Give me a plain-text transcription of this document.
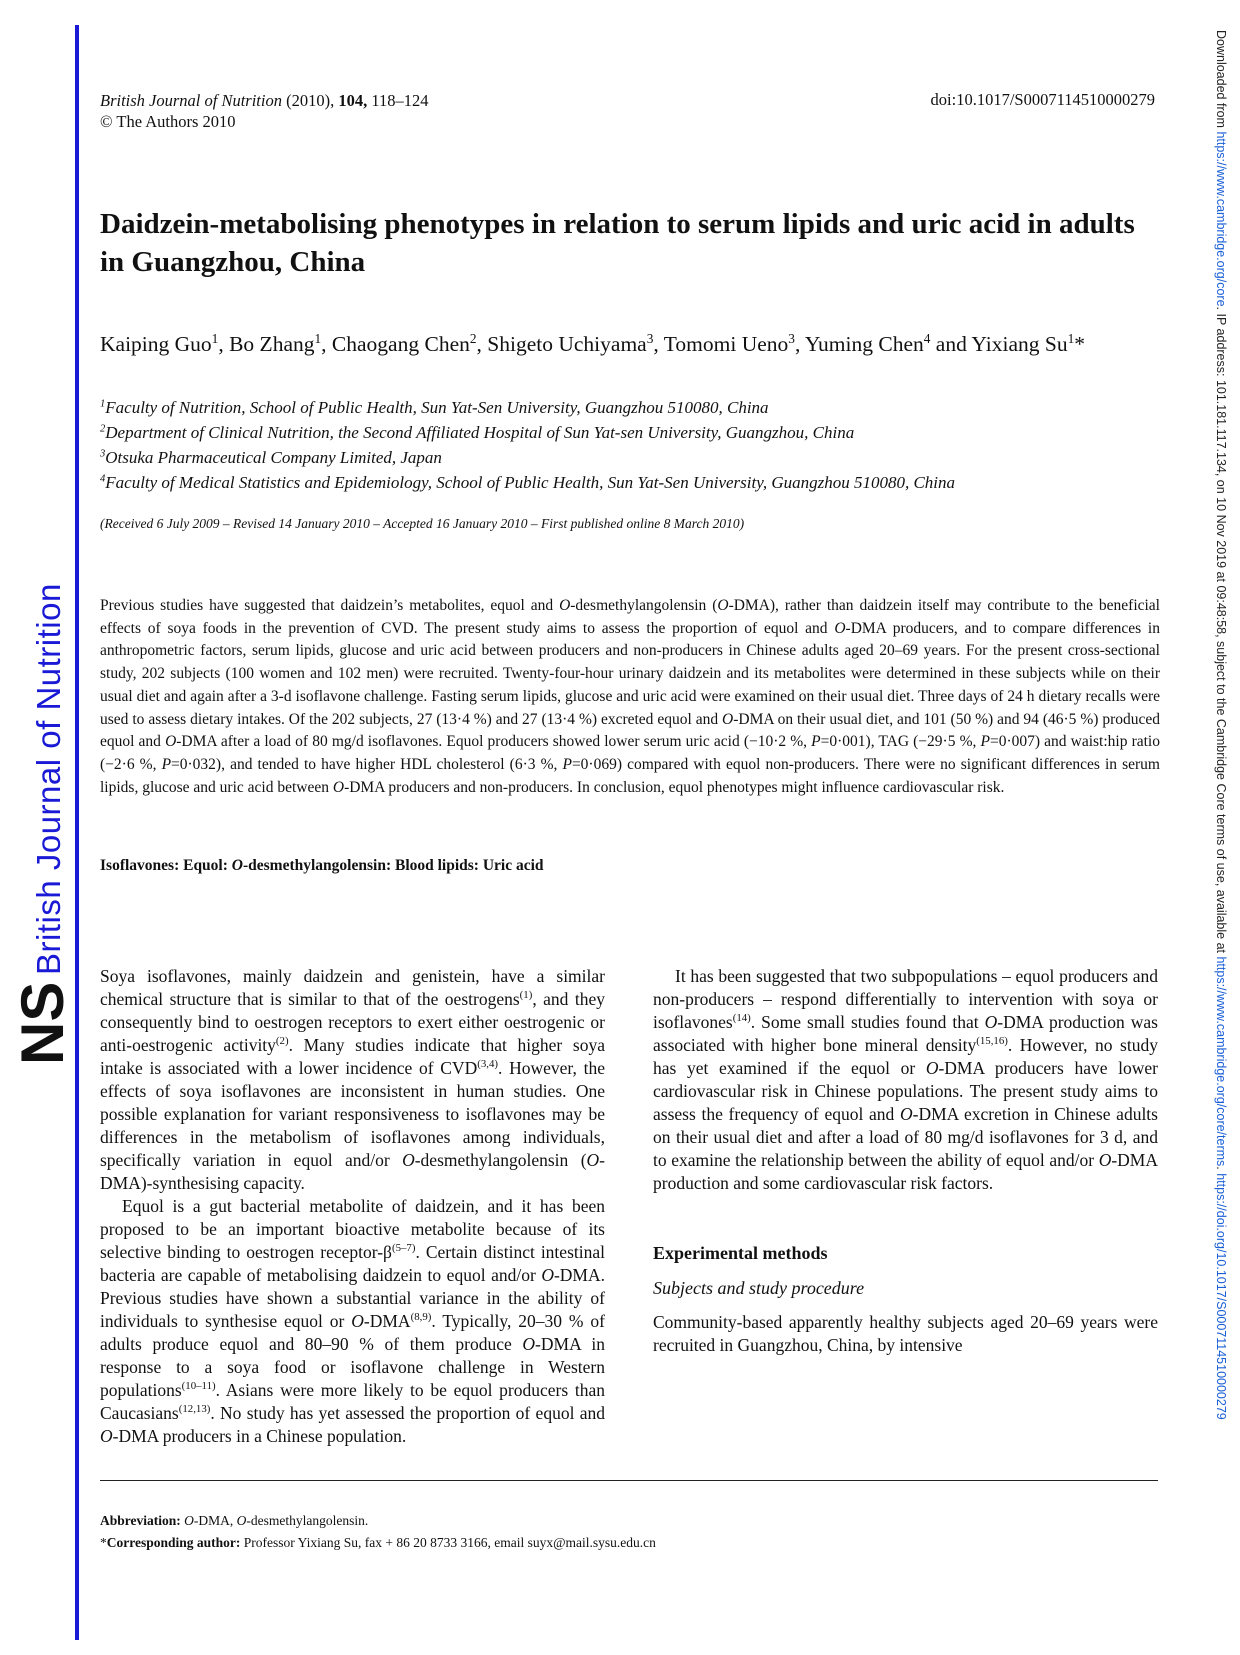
NS
British Journal of Nutrition
Downloaded from https://www.cambridge.org/core. IP address: 101.181.117.134, on 10 Nov 2019 at 09:48:58, subject to the Cambridge Core terms of use, available at https://www.cambridge.org/core/terms. https://doi.org/10.1017/S0007114510000279
British Journal of Nutrition (2010), 104, 118–124
© The Authors 2010
doi:10.1017/S0007114510000279
Daidzein-metabolising phenotypes in relation to serum lipids and uric acid in adults in Guangzhou, China
Kaiping Guo$^1$, Bo Zhang$^1$, Chaogang Chen$^2$, Shigeto Uchiyama$^3$, Tomomi Ueno$^3$, Yuming Chen$^4$ and Yixiang Su$^1$*
$^1$Faculty of Nutrition, School of Public Health, Sun Yat-Sen University, Guangzhou 510080, China
$^2$Department of Clinical Nutrition, the Second Affiliated Hospital of Sun Yat-sen University, Guangzhou, China
$^3$Otsuka Pharmaceutical Company Limited, Japan
$^4$Faculty of Medical Statistics and Epidemiology, School of Public Health, Sun Yat-Sen University, Guangzhou 510080, China
(Received 6 July 2009 – Revised 14 January 2010 – Accepted 16 January 2010 – First published online 8 March 2010)
Previous studies have suggested that daidzein’s metabolites, equol and O-desmethylangolensin (O-DMA), rather than daidzein itself may contribute to the beneficial effects of soya foods in the prevention of CVD. The present study aims to assess the proportion of equol and O-DMA producers, and to compare differences in anthropometric factors, serum lipids, glucose and uric acid between producers and non-producers in Chinese adults aged 20–69 years. For the present cross-sectional study, 202 subjects (100 women and 102 men) were recruited. Twenty-four-hour urinary daidzein and its metabolites were determined in these subjects while on their usual diet and again after a 3-d isoflavone challenge. Fasting serum lipids, glucose and uric acid were examined on their usual diet. Three days of 24 h dietary recalls were used to assess dietary intakes. Of the 202 subjects, 27 (13·4 %) and 27 (13·4 %) excreted equol and O-DMA on their usual diet, and 101 (50 %) and 94 (46·5 %) produced equol and O-DMA after a load of 80 mg/d isoflavones. Equol producers showed lower serum uric acid (−10·2 %, P=0·001), TAG (−29·5 %, P=0·007) and waist:hip ratio (−2·6 %, P=0·032), and tended to have higher HDL cholesterol (6·3 %, P=0·069) compared with equol non-producers. There were no significant differences in serum lipids, glucose and uric acid between O-DMA producers and non-producers. In conclusion, equol phenotypes might influence cardiovascular risk.
Isoflavones: Equol: O-desmethylangolensin: Blood lipids: Uric acid

Soya isoflavones, mainly daidzein and genistein, have a similar chemical structure that is similar to that of the oestrogens$^{(1)}$, and they consequently bind to oestrogen receptors to exert either oestrogenic or anti-oestrogenic activity$^{(2)}$. Many studies indicate that higher soya intake is associated with a lower incidence of CVD$^{(3,4)}$. However, the effects of soya isoflavones are inconsistent in human studies. One possible explanation for variant responsiveness to isoflavones may be differences in the metabolism of isoflavones among individuals, specifically variation in equol and/or O-desmethylangolensin (O-DMA)-synthesising capacity.

Equol is a gut bacterial metabolite of daidzein, and it has been proposed to be an important bioactive metabolite because of its selective binding to oestrogen receptor-$\beta^{(5-7)}$. Certain distinct intestinal bacteria are capable of metabolising daidzein to equol and/or O-DMA. Previous studies have shown a substantial variance in the ability of individuals to synthesise equol or O-DMA$^{(8,9)}$. Typically, 20–30 % of adults produce equol and 80–90 % of them produce O-DMA in response to a soya food or isoflavone challenge in Western populations$^{(10-11)}$. Asians were more likely to be equol producers than Caucasians$^{(12,13)}$. No study has yet assessed the proportion of equol and O-DMA producers in a Chinese population.

It has been suggested that two subpopulations – equol producers and non-producers – respond differentially to intervention with soya or isoflavones$^{(14)}$. Some small studies found that O-DMA production was associated with higher bone mineral density$^{(15,16)}$. However, no study has yet examined if the equol or O-DMA producers have lower cardiovascular risk in Chinese populations. The present study aims to assess the frequency of equol and O-DMA excretion in Chinese adults on their usual diet and after a load of 80 mg/d isoflavones for 3 d, and to examine the relationship between the ability of equol and/or O-DMA production and some cardiovascular risk factors.

Experimental methods

Subjects and study procedure

Community-based apparently healthy subjects aged 20–69 years were recruited in Guangzhou, China, by intensive

Abbreviation: O-DMA, O-desmethylangolensin.
*Corresponding author: Professor Yixiang Su, fax + 86 20 8733 3166, email suyx@mail.sysu.edu.cn
